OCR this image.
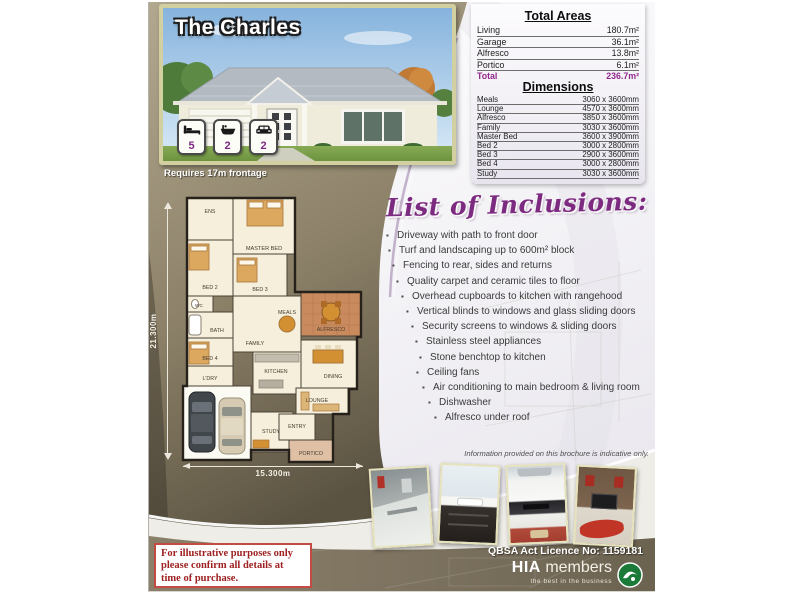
The Charles
5	2	2
Requires 17m frontage
Total Areas
Living	180.7m²
Garage	36.1m²
Alfresco	13.8m²
Portico	6.1m²
Total	236.7m²
Dimensions
Meals	3060 x 3600mm
Lounge	4570 x 3600mm
Alfresco	3850 x 3600mm
Family	3030 x 3600mm
Master Bed	3600 x 3900mm
Bed 2	3000 x 2800mm
Bed 3	2900 x 3600mm
Bed 4	3000 x 2800mm
Study	3030 x 3600mm
ENS
MASTER BED
BED 2	BED 3
WC
BATH
MEALS
FAMILY
ALFRESCO
BED 4
KITCHEN
L'DRY	DINING
LOUNGE
ENTRY
STUDY
PORTICO
21.300m
15.300m
List of Inclusions:
▪ Driveway with path to front door
▪ Turf and landscaping up to 600m² block
▪ Fencing to rear, sides and returns
▪ Quality carpet and ceramic tiles to floor
▪ Overhead cupboards to kitchen with rangehood
▪ Vertical blinds to windows and glass sliding doors
▪ Security screens to windows & sliding doors
▪ Stainless steel appliances
▪ Stone benchtop to kitchen
▪ Ceiling fans
▪ Air conditioning to main bedroom & living room
▪ Dishwasher
▪ Alfresco under roof
Information provided on this brochure is indicative only.
For illustrative purposes only please confirm all details at time of purchase.
QBSA Act Licence No: 1159181
HIA members
the best in the business
